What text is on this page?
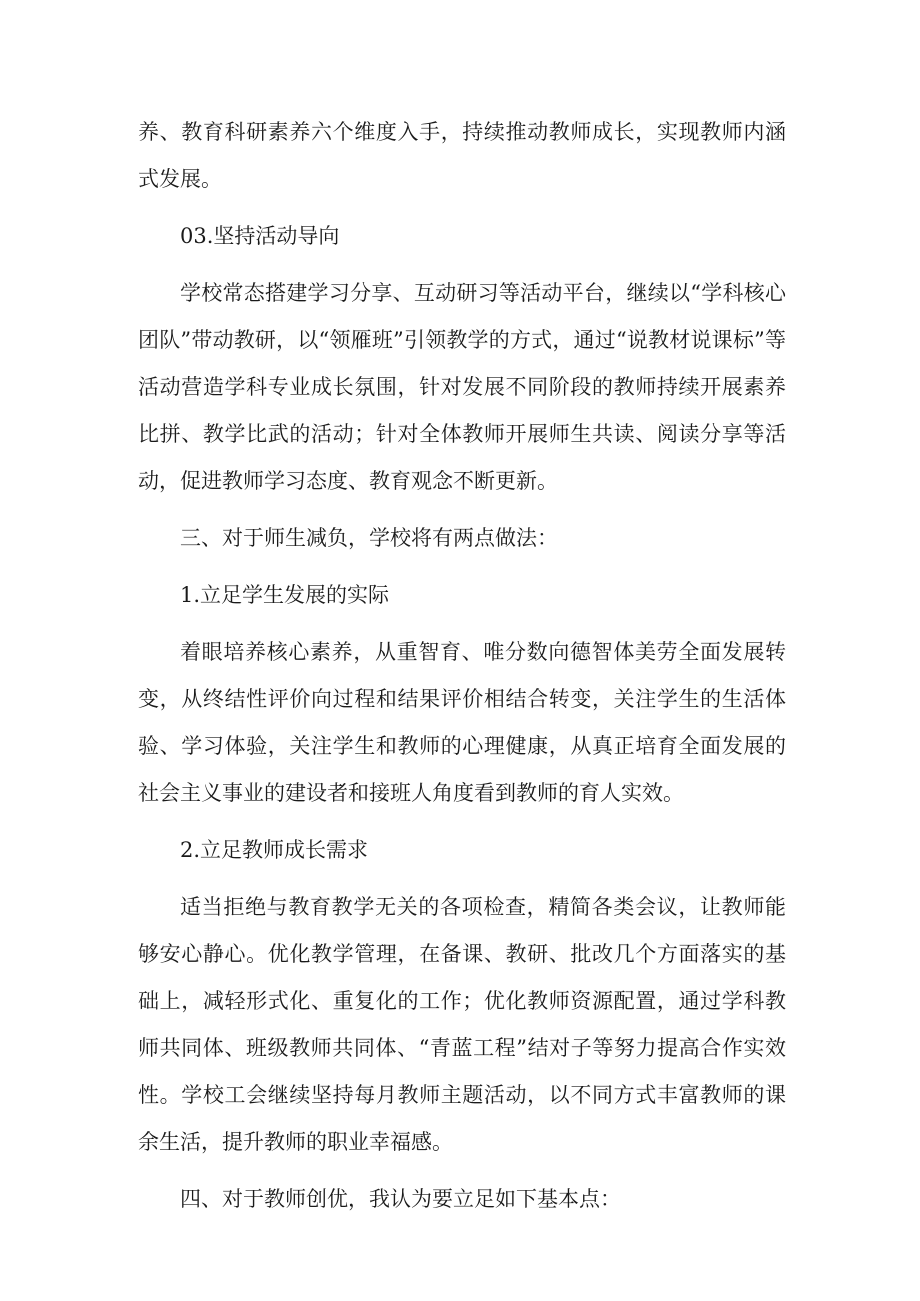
养、教育科研素养六个维度入手，持续推动教师成长，实现教师内涵式发展。

03.坚持活动导向

学校常态搭建学习分享、互动研习等活动平台，继续以“学科核心团队”带动教研，以“领雁班”引领教学的方式，通过“说教材说课标”等活动营造学科专业成长氛围，针对发展不同阶段的教师持续开展素养比拼、教学比武的活动；针对全体教师开展师生共读、阅读分享等活动，促进教师学习态度、教育观念不断更新。

三、对于师生减负，学校将有两点做法：

1.立足学生发展的实际

着眼培养核心素养，从重智育、唯分数向德智体美劳全面发展转变，从终结性评价向过程和结果评价相结合转变，关注学生的生活体验、学习体验，关注学生和教师的心理健康，从真正培育全面发展的社会主义事业的建设者和接班人角度看到教师的育人实效。

2.立足教师成长需求

适当拒绝与教育教学无关的各项检查，精简各类会议，让教师能够安心静心。优化教学管理，在备课、教研、批改几个方面落实的基础上，减轻形式化、重复化的工作；优化教师资源配置，通过学科教师共同体、班级教师共同体、“青蓝工程”结对子等努力提高合作实效性。学校工会继续坚持每月教师主题活动，以不同方式丰富教师的课余生活，提升教师的职业幸福感。

四、对于教师创优，我认为要立足如下基本点：
